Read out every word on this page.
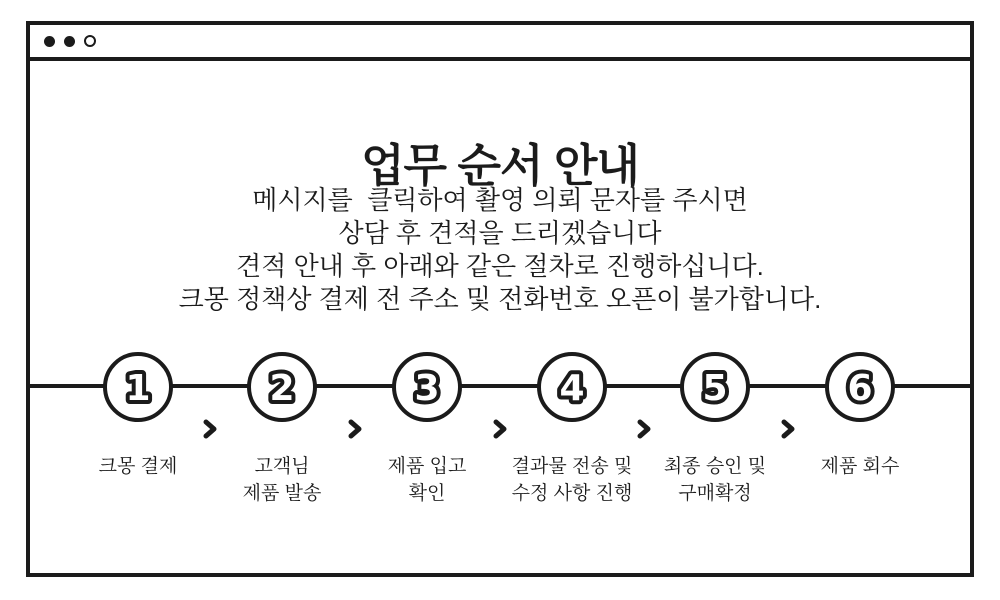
업무 순서 안내
메시지를  클릭하여 촬영 의뢰 문자를 주시면
상담 후 견적을 드리겠습니다
견적 안내 후 아래와 같은 절차로 진행하십니다.
크몽 정책상 결제 전 주소 및 전화번호 오픈이 불가합니다.
1
크몽 결제
2
고객님
제품 발송
3
제품 입고
확인
4
결과물 전송 및
수정 사항 진행
5
최종 승인 및
구매확정
6
제품 회수
